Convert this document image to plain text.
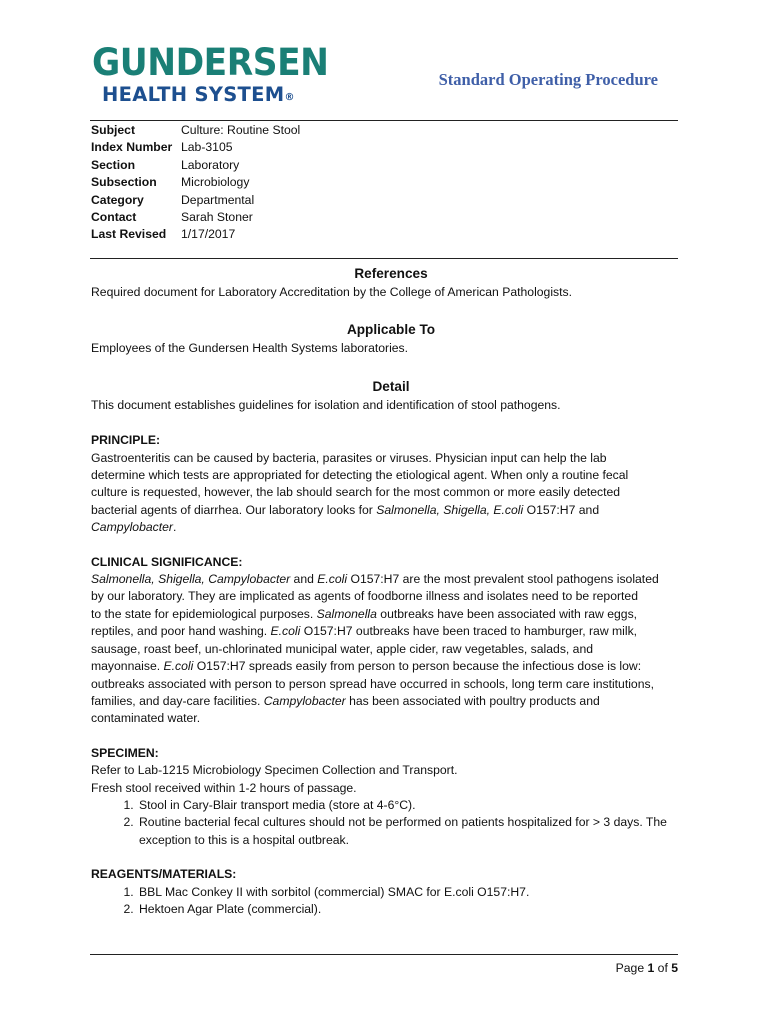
GUNDERSEN
HEALTH SYSTEM®
Standard Operating Procedure
Subject	Culture: Routine Stool
Index Number	Lab-3105
Section	Laboratory
Subsection	Microbiology
Category	Departmental
Contact	Sarah Stoner
Last Revised	1/17/2017
References

Required document for Laboratory Accreditation by the College of American Pathologists.

Applicable To

Employees of the Gundersen Health Systems laboratories.

Detail

This document establishes guidelines for isolation and identification of stool pathogens.

PRINCIPLE:

Gastroenteritis can be caused by bacteria, parasites or viruses. Physician input can help the lab
determine which tests are appropriated for detecting the etiological agent. When only a routine fecal
culture is requested, however, the lab should search for the most common or more easily detected
bacterial agents of diarrhea. Our laboratory looks for Salmonella, Shigella, E.coli O157:H7 and
Campylobacter.

CLINICAL SIGNIFICANCE:

Salmonella, Shigella, Campylobacter and E.coli O157:H7 are the most prevalent stool pathogens isolated
by our laboratory. They are implicated as agents of foodborne illness and isolates need to be reported
to the state for epidemiological purposes. Salmonella outbreaks have been associated with raw eggs,
reptiles, and poor hand washing. E.coli O157:H7 outbreaks have been traced to hamburger, raw milk,
sausage, roast beef, un-chlorinated municipal water, apple cider, raw vegetables, salads, and
mayonnaise. E.coli O157:H7 spreads easily from person to person because the infectious dose is low:
outbreaks associated with person to person spread have occurred in schools, long term care institutions,
families, and day-care facilities. Campylobacter has been associated with poultry products and
contaminated water.

SPECIMEN:

Refer to Lab-1215 Microbiology Specimen Collection and Transport.
Fresh stool received within 1-2 hours of passage.
1. Stool in Cary-Blair transport media (store at 4-6°C).
2. Routine bacterial fecal cultures should not be performed on patients hospitalized for > 3 days. The exception to this is a hospital outbreak.

REAGENTS/MATERIALS:

1. BBL Mac Conkey II with sorbitol (commercial) SMAC for E.coli O157:H7.
2. Hektoen Agar Plate (commercial).
Page 1 of 5
